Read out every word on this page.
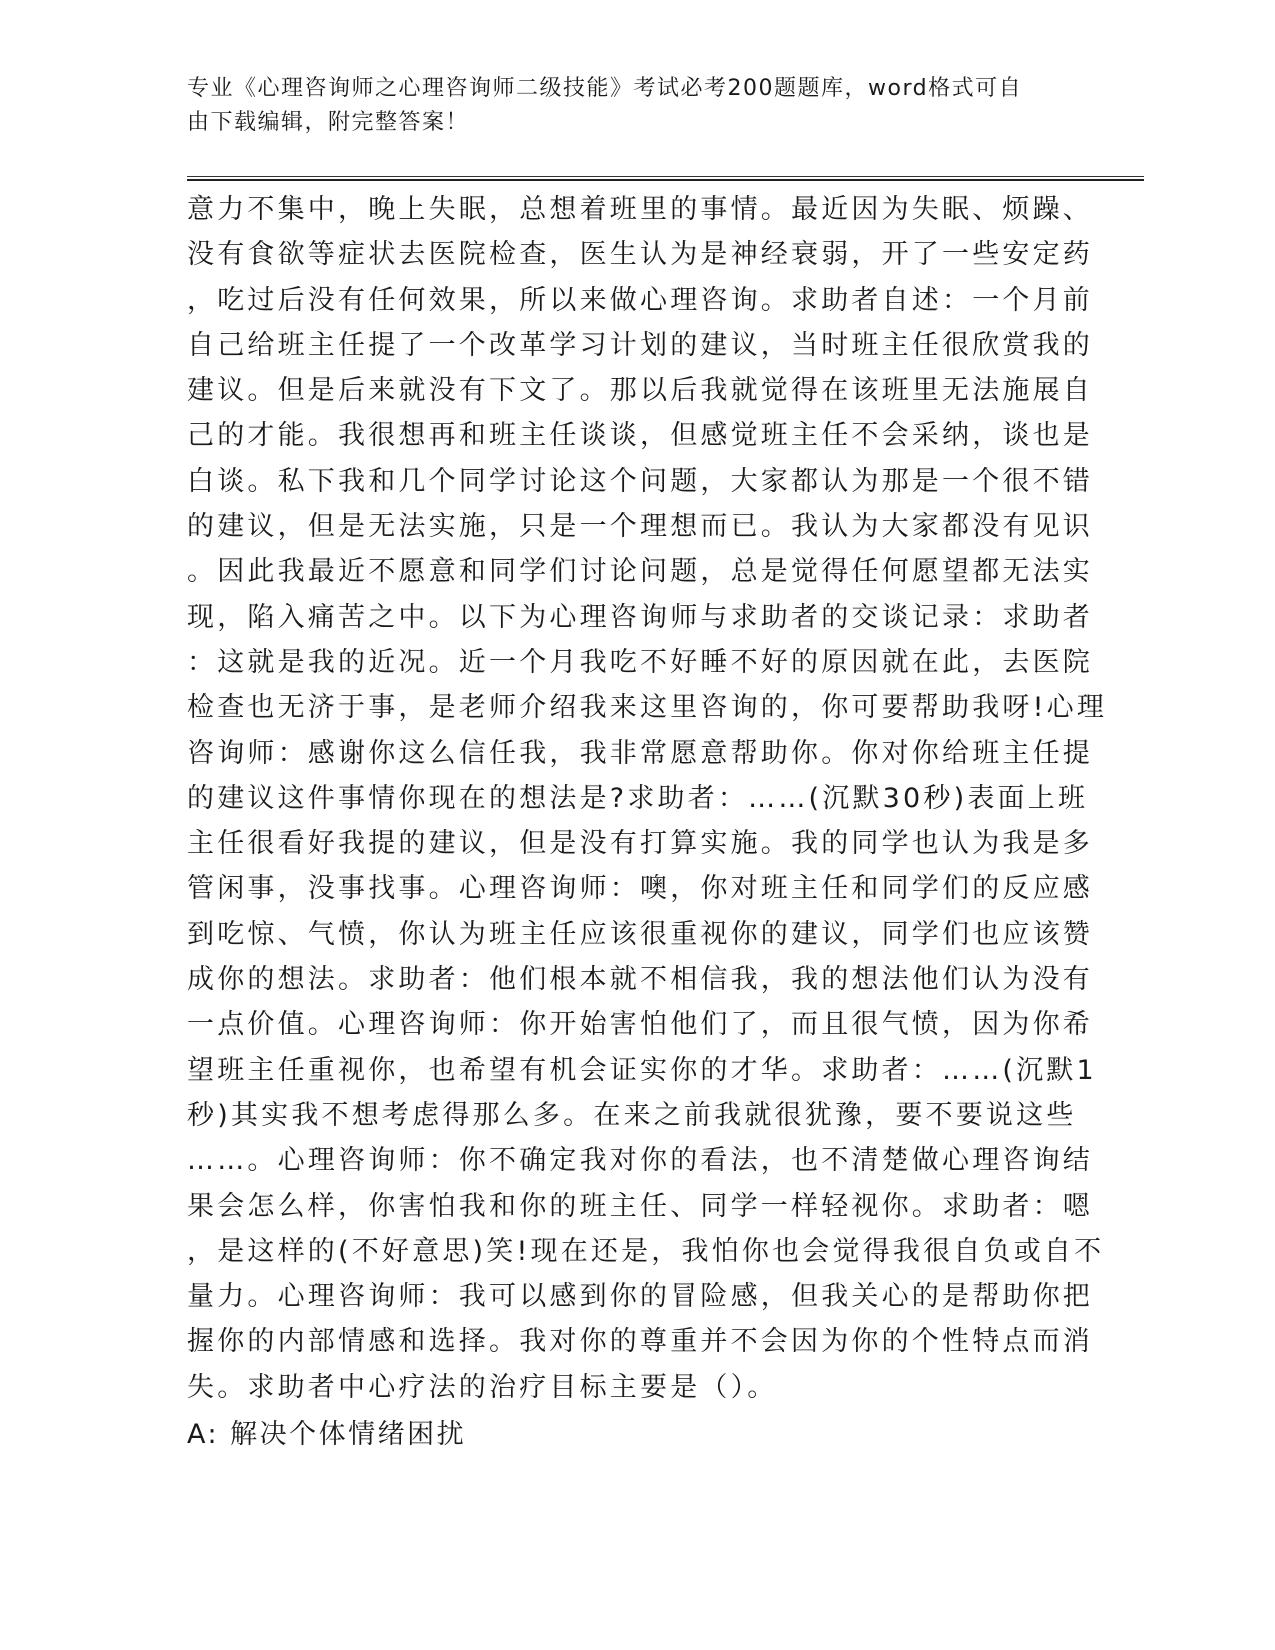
专业《心理咨询师之心理咨询师二级技能》考试必考200题题库，word格式可自
由下载编辑，附完整答案！
意力不集中，晚上失眠，总想着班里的事情。最近因为失眠、烦躁、
没有食欲等症状去医院检查，医生认为是神经衰弱，开了一些安定药
，吃过后没有任何效果，所以来做心理咨询。求助者自述：一个月前
自己给班主任提了一个改革学习计划的建议，当时班主任很欣赏我的
建议。但是后来就没有下文了。那以后我就觉得在该班里无法施展自
己的才能。我很想再和班主任谈谈，但感觉班主任不会采纳，谈也是
白谈。私下我和几个同学讨论这个问题，大家都认为那是一个很不错
的建议，但是无法实施，只是一个理想而已。我认为大家都没有见识
。因此我最近不愿意和同学们讨论问题，总是觉得任何愿望都无法实
现，陷入痛苦之中。以下为心理咨询师与求助者的交谈记录：求助者
：这就是我的近况。近一个月我吃不好睡不好的原因就在此，去医院
检查也无济于事，是老师介绍我来这里咨询的，你可要帮助我呀!心理
咨询师：感谢你这么信任我，我非常愿意帮助你。你对你给班主任提
的建议这件事情你现在的想法是?求助者：……(沉默30秒)表面上班
主任很看好我提的建议，但是没有打算实施。我的同学也认为我是多
管闲事，没事找事。心理咨询师：噢，你对班主任和同学们的反应感
到吃惊、气愤，你认为班主任应该很重视你的建议，同学们也应该赞
成你的想法。求助者：他们根本就不相信我，我的想法他们认为没有
一点价值。心理咨询师：你开始害怕他们了，而且很气愤，因为你希
望班主任重视你，也希望有机会证实你的才华。求助者：……(沉默1
秒)其实我不想考虑得那么多。在来之前我就很犹豫，要不要说这些
……。心理咨询师：你不确定我对你的看法，也不清楚做心理咨询结
果会怎么样，你害怕我和你的班主任、同学一样轻视你。求助者：嗯
，是这样的(不好意思)笑!现在还是，我怕你也会觉得我很自负或自不
量力。心理咨询师：我可以感到你的冒险感，但我关心的是帮助你把
握你的内部情感和选择。我对你的尊重并不会因为你的个性特点而消
失。求助者中心疗法的治疗目标主要是（）。
A: 解决个体情绪困扰
